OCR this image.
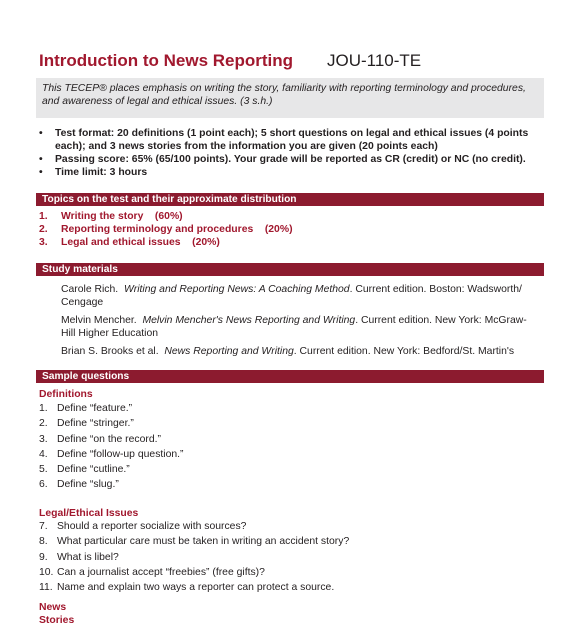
Introduction to News Reporting JOU-110-TE
This TECEP® places emphasis on writing the story, familiarity with reporting terminology and procedures, and awareness of legal and ethical issues. (3 s.h.)
• Test format: 20 definitions (1 point each); 5 short questions on legal and ethical issues (4 points each); and 3 news stories from the information you are given (20 points each)
• Passing score: 65% (65/100 points). Your grade will be reported as CR (credit) or NC (no credit).
• Time limit: 3 hours
Topics on the test and their approximate distribution
1. Writing the story (60%)
2. Reporting terminology and procedures (20%)
3. Legal and ethical issues (20%)
Study materials
Carole Rich. Writing and Reporting News: A Coaching Method. Current edition. Boston: Wadsworth/ Cengage
Melvin Mencher. Melvin Mencher's News Reporting and Writing. Current edition. New York: McGraw-Hill Higher Education
Brian S. Brooks et al. News Reporting and Writing. Current edition. New York: Bedford/St. Martin's
Sample questions
Definitions
1. Define “feature.”
2. Define “stringer.”
3. Define “on the record.”
4. Define “follow-up question.”
5. Define “cutline.”
6. Define “slug.”
Legal/Ethical Issues
7. Should a reporter socialize with sources?
8. What particular care must be taken in writing an accident story?
9. What is libel?
10. Can a journalist accept “freebies” (free gifts)?
11. Name and explain two ways a reporter can protect a source.
News Stories
